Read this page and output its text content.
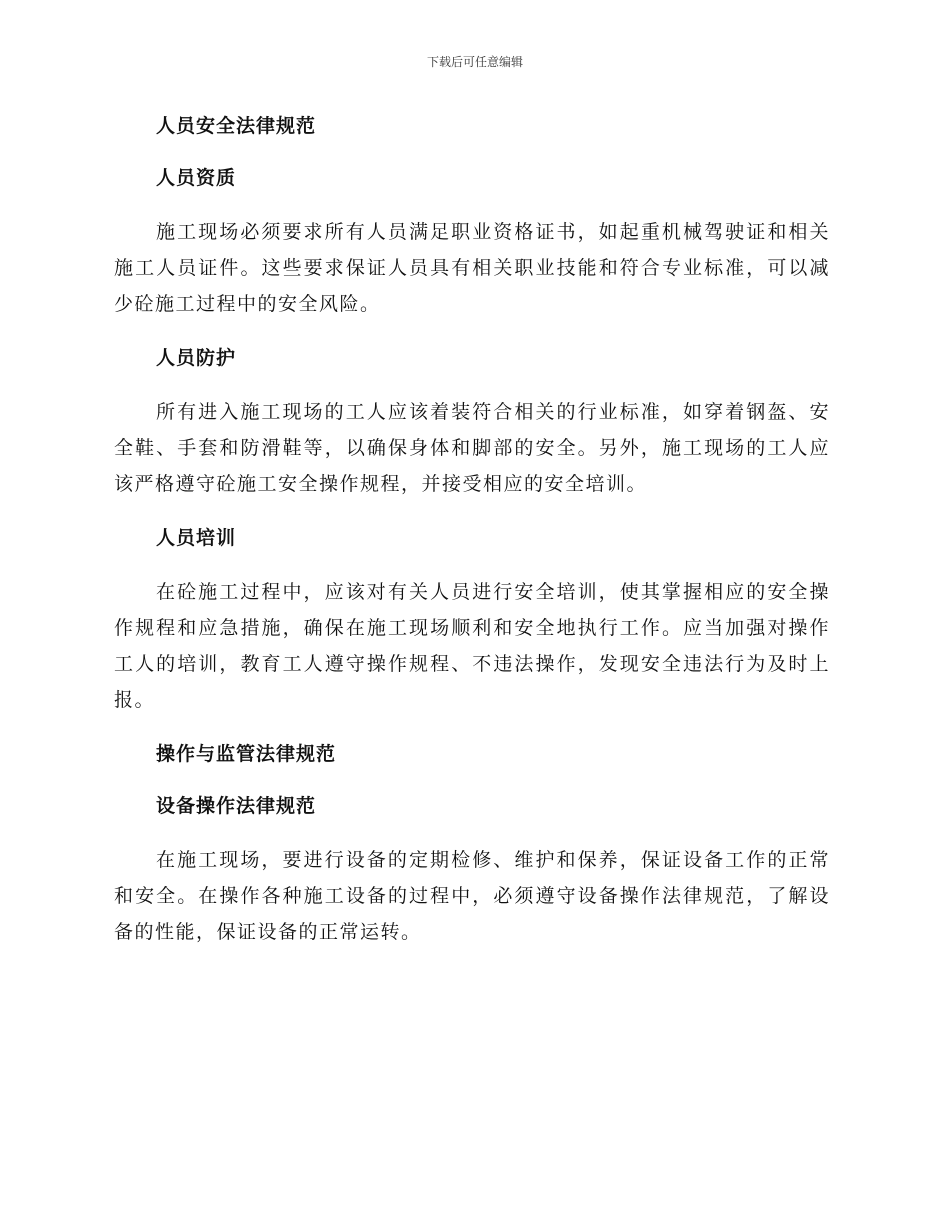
下载后可任意编辑
人员安全法律规范
人员资质

施工现场必须要求所有人员满足职业资格证书，如起重机械驾驶证和相关施工人员证件。这些要求保证人员具有相关职业技能和符合专业标准，可以减少砼施工过程中的安全风险。

人员防护

所有进入施工现场的工人应该着装符合相关的行业标准，如穿着钢盔、安全鞋、手套和防滑鞋等，以确保身体和脚部的安全。另外，施工现场的工人应该严格遵守砼施工安全操作规程，并接受相应的安全培训。

人员培训

在砼施工过程中，应该对有关人员进行安全培训，使其掌握相应的安全操作规程和应急措施，确保在施工现场顺利和安全地执行工作。应当加强对操作工人的培训，教育工人遵守操作规程、不违法操作，发现安全违法行为及时上报。

操作与监管法律规范
设备操作法律规范

在施工现场，要进行设备的定期检修、维护和保养，保证设备工作的正常和安全。在操作各种施工设备的过程中，必须遵守设备操作法律规范，了解设备的性能，保证设备的正常运转。
